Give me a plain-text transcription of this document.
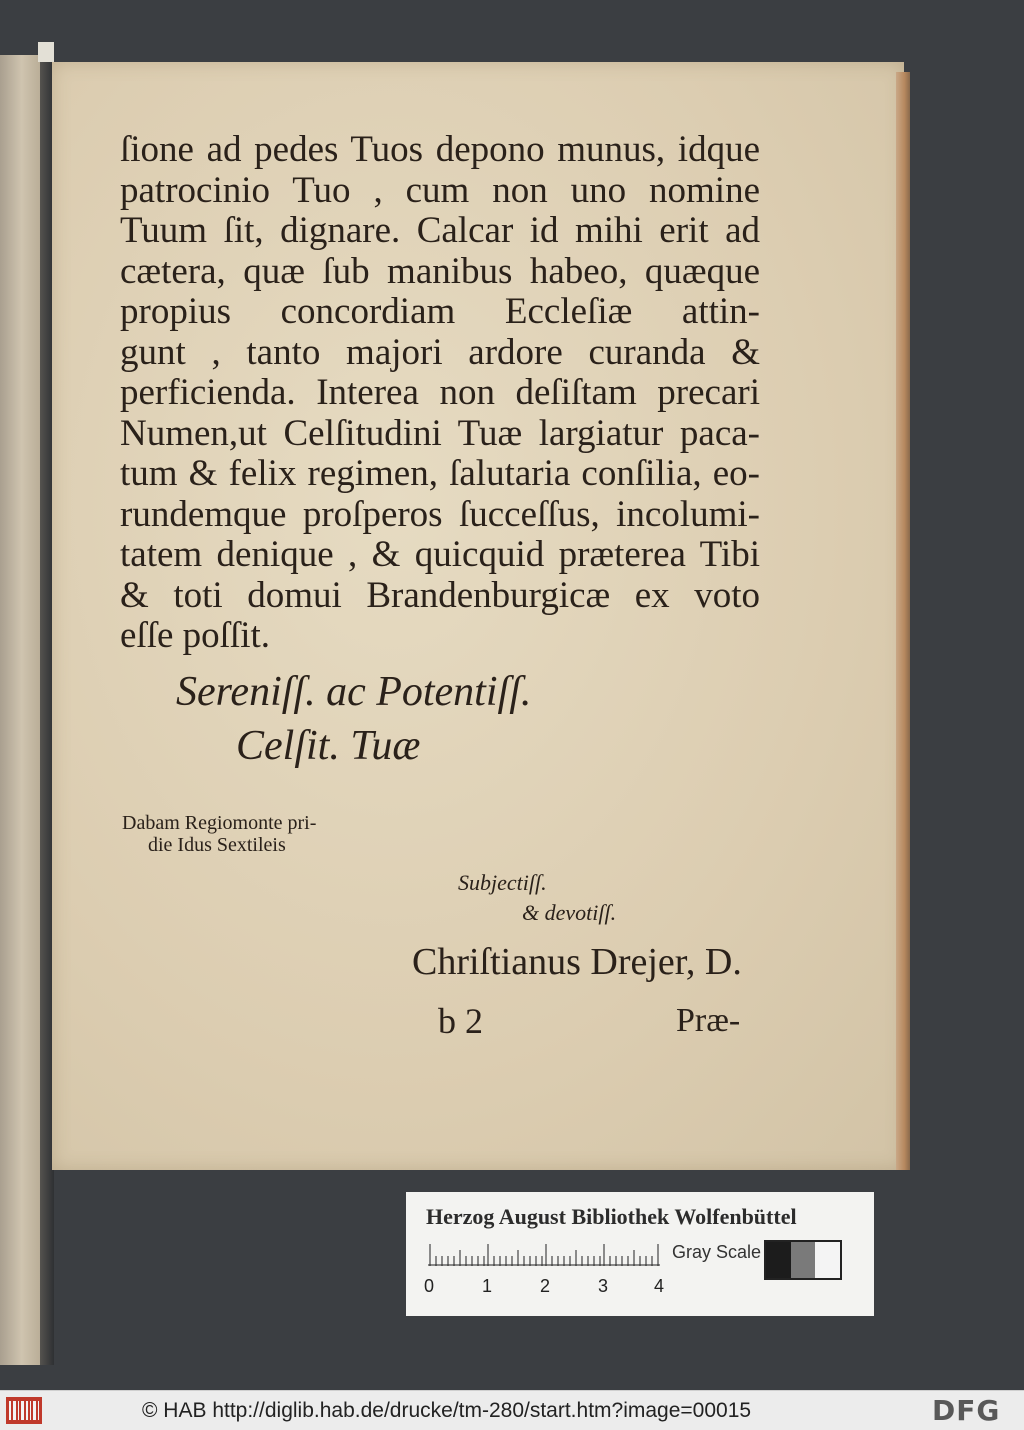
ſione ad pedes Tuos depono munus, idque
patrocinio Tuo , cum non uno nomine
Tuum ſit, dignare. Calcar id mihi erit ad
cætera, quæ ſub manibus habeo, quæque
propius concordiam Eccleſiæ attin-
gunt , tanto majori ardore curanda &
perficienda. Interea non deſiſtam precari
Numen,ut Celſitudini Tuæ largiatur paca-
tum & felix regimen, ſalutaria conſilia, eo-
rundemque proſperos ſucceſſus, incolumi-
tatem denique , & quicquid præterea Tibi
& toti domui Brandenburgicæ ex voto
eſſe poſſit.
Sereniſſ. ac Potentiſſ.
Celſit. Tuæ
Dabam Regiomonte pri-
die Idus Sextileis
Subjectiſſ.
& devotiſſ.
Chriſtianus Drejer, D.
b 2	Præ-
Herzog August Bibliothek Wolfenbüttel
0	1	2	3	4
Gray Scale
© HAB http://diglib.hab.de/drucke/tm-280/start.htm?image=00015	DFG
